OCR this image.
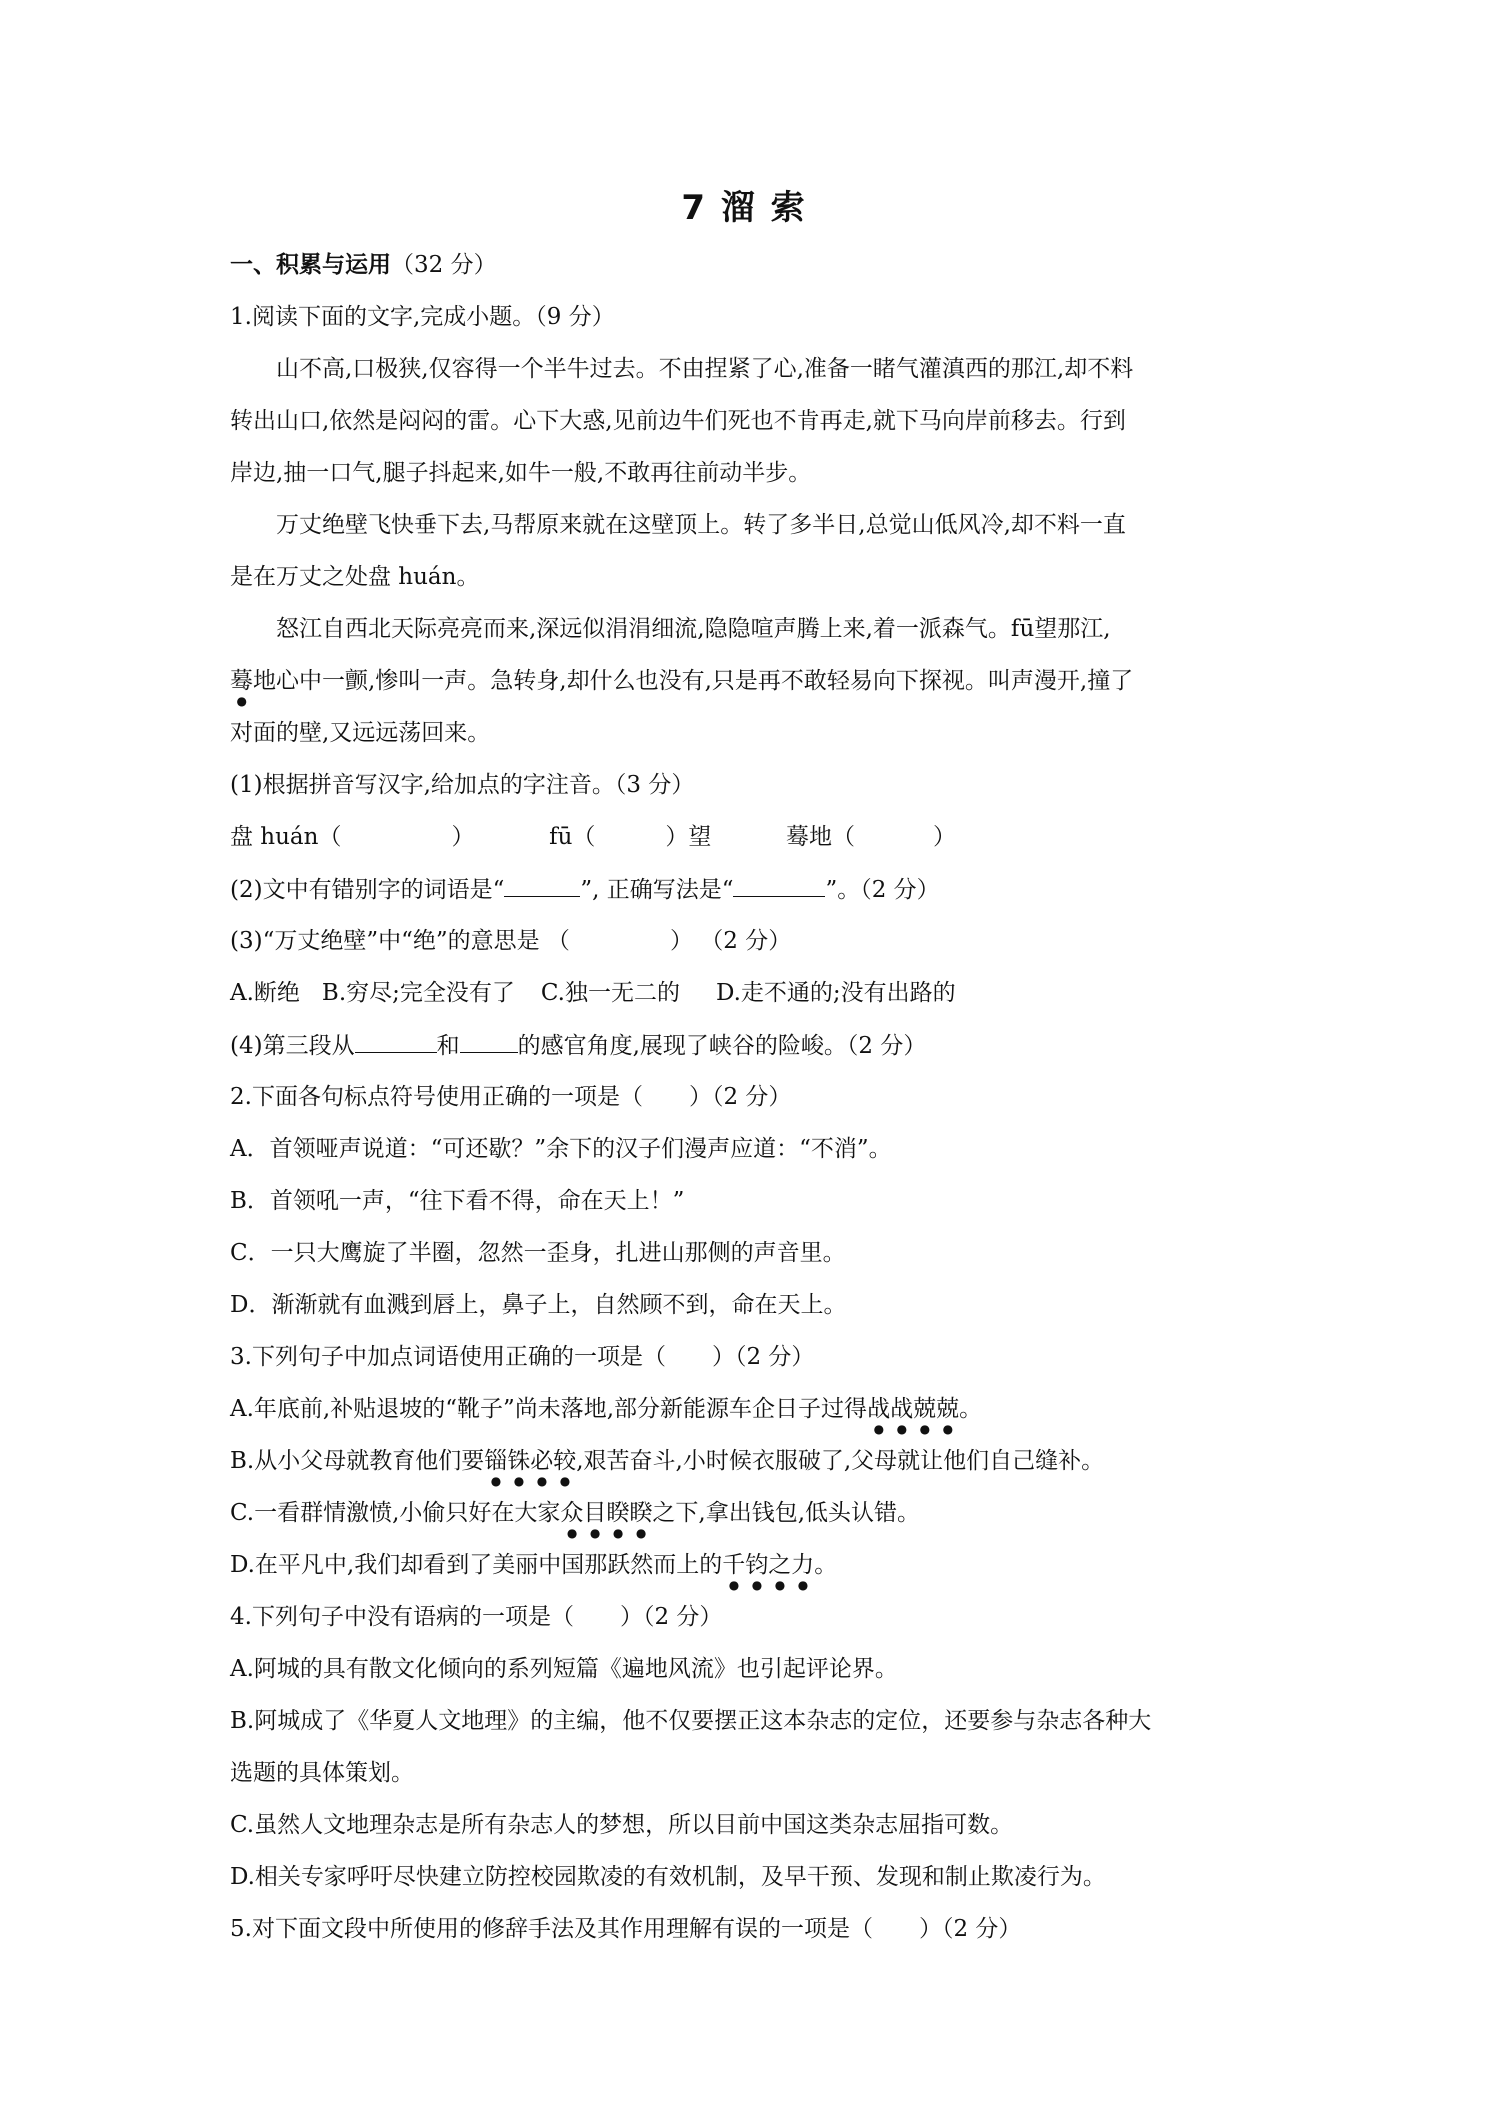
7 溜 索
一、积累与运用（32 分）
1.阅读下面的文字,完成小题。（9 分）
山不高,口极狭,仅容得一个半牛过去。不由捏紧了心,准备一睹气灌滇西的那江,却不料
转出山口,依然是闷闷的雷。心下大惑,见前边牛们死也不肯再走,就下马向岸前移去。行到
岸边,抽一口气,腿子抖起来,如牛一般,不敢再往前动半步。
万丈绝壁飞快垂下去,马帮原来就在这壁顶上。转了多半日,总觉山低风冷,却不料一直
是在万丈之处盘 huán。
怒江自西北天际亮亮而来,深远似涓涓细流,隐隐喧声腾上来,着一派森气。fū望那江,
蓦地心中一颤,惨叫一声。急转身,却什么也没有,只是再不敢轻易向下探视。叫声漫开,撞了
对面的壁,又远远荡回来。
(1)根据拼音写汉字,给加点的字注音。（3 分）
盘 huán（	）	fū（	）望	蓦地（	）
(2)文中有错别字的词语是“	”, 正确写法是“	”。（2 分）
(3)“万丈绝壁”中“绝”的意思是 （	） （2 分）
A.断绝 B.穷尽;完全没有了 C.独一无二的 D.走不通的;没有出路的
(4)第三段从	和	的感官角度,展现了峡谷的险峻。（2 分）
2.下面各句标点符号使用正确的一项是（　　）（2 分）
A．首领哑声说道：“可还歇？”余下的汉子们漫声应道：“不消”。
B．首领吼一声，“往下看不得，命在天上！”
C．一只大鹰旋了半圈，忽然一歪身，扎进山那侧的声音里。
D．渐渐就有血溅到唇上，鼻子上，自然顾不到，命在天上。
3.下列句子中加点词语使用正确的一项是（　　）（2 分）
A.年底前,补贴退坡的“靴子”尚未落地,部分新能源车企日子过得战战兢兢。
B.从小父母就教育他们要锱铢必较,艰苦奋斗,小时候衣服破了,父母就让他们自己缝补。
C.一看群情激愤,小偷只好在大家众目睽睽之下,拿出钱包,低头认错。
D.在平凡中,我们却看到了美丽中国那跃然而上的千钧之力。
4.下列句子中没有语病的一项是（　　）（2 分）
A.阿城的具有散文化倾向的系列短篇《遍地风流》也引起评论界。
B.阿城成了《华夏人文地理》的主编，他不仅要摆正这本杂志的定位，还要参与杂志各种大
选题的具体策划。
C.虽然人文地理杂志是所有杂志人的梦想，所以目前中国这类杂志屈指可数。
D.相关专家呼吁尽快建立防控校园欺凌的有效机制，及早干预、发现和制止欺凌行为。
5.对下面文段中所使用的修辞手法及其作用理解有误的一项是（　　）（2 分）
